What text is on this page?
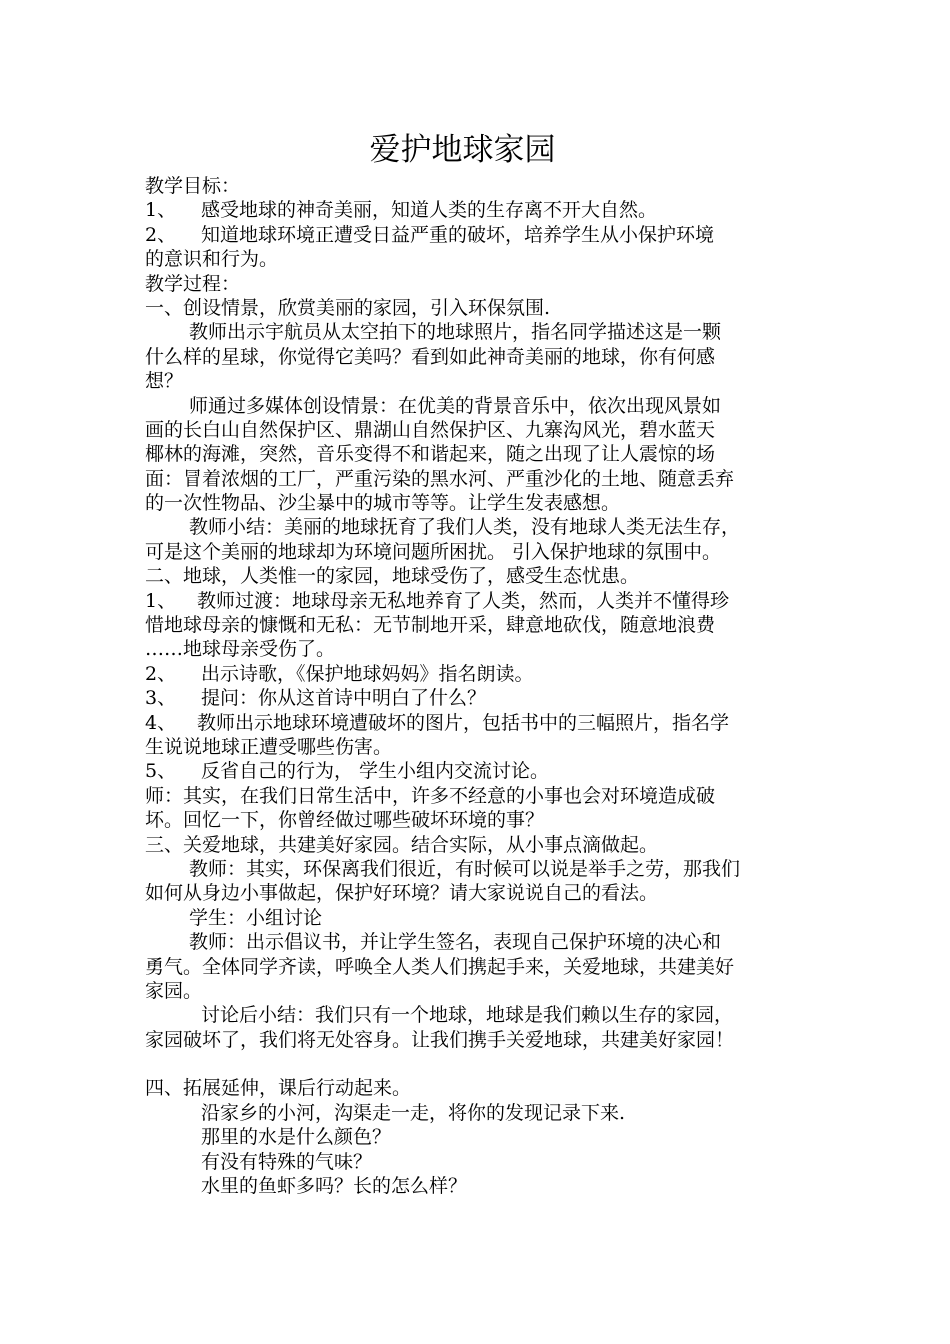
爱护地球家园
教学目标：
1、 感受地球的神奇美丽，知道人类的生存离不开大自然。
2、 知道地球环境正遭受日益严重的破坏，培养学生从小保护环境
的意识和行为。
教学过程：
一、创设情景，欣赏美丽的家园，引入环保氛围.
教师出示宇航员从太空拍下的地球照片，指名同学描述这是一颗
什么样的星球，你觉得它美吗？看到如此神奇美丽的地球，你有何感
想？
师通过多媒体创设情景：在优美的背景音乐中，依次出现风景如
画的长白山自然保护区、鼎湖山自然保护区、九寨沟风光，碧水蓝天
椰林的海滩，突然，音乐变得不和谐起来，随之出现了让人震惊的场
面：冒着浓烟的工厂，严重污染的黑水河、严重沙化的土地、随意丢弃
的一次性物品、沙尘暴中的城市等等。让学生发表感想。
教师小结：美丽的地球抚育了我们人类，没有地球人类无法生存，
可是这个美丽的地球却为环境问题所困扰。 引入保护地球的氛围中。
二、地球，人类惟一的家园，地球受伤了，感受生态忧患。
1、 教师过渡：地球母亲无私地养育了人类，然而，人类并不懂得珍
惜地球母亲的慷慨和无私：无节制地开采，肆意地砍伐，随意地浪费
……地球母亲受伤了。
2、 出示诗歌，《保护地球妈妈》指名朗读。
3、 提问：你从这首诗中明白了什么？
4、 教师出示地球环境遭破坏的图片，包括书中的三幅照片，指名学
生说说地球正遭受哪些伤害。
5、 反省自己的行为， 学生小组内交流讨论。
师：其实，在我们日常生活中，许多不经意的小事也会对环境造成破
坏。回忆一下，你曾经做过哪些破坏环境的事？
三、关爱地球，共建美好家园。结合实际，从小事点滴做起。
教师：其实，环保离我们很近，有时候可以说是举手之劳，那我们
如何从身边小事做起，保护好环境？请大家说说自己的看法。
学生：小组讨论
教师：出示倡议书，并让学生签名，表现自己保护环境的决心和
勇气。全体同学齐读，呼唤全人类人们携起手来，关爱地球，共建美好
家园。
讨论后小结：我们只有一个地球，地球是我们赖以生存的家园，
家园破坏了，我们将无处容身。让我们携手关爱地球，共建美好家园！
四、拓展延伸，课后行动起来。
沿家乡的小河，沟渠走一走，将你的发现记录下来.
那里的水是什么颜色？
有没有特殊的气味？
水里的鱼虾多吗？长的怎么样？
